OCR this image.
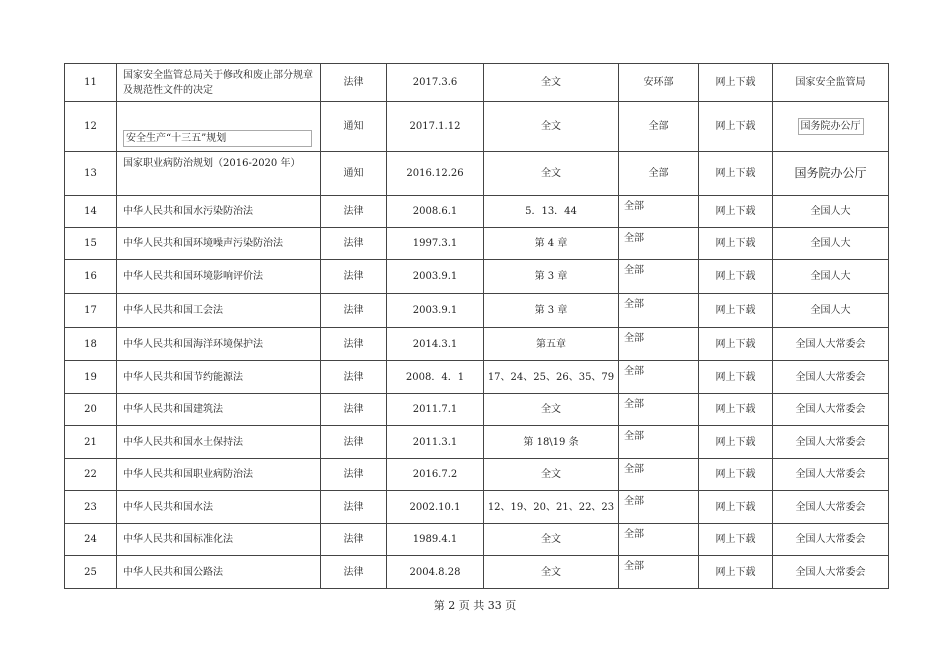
11	国家安全监管总局关于修改和废止部分规章及规范性文件的决定	法律	2017.3.6	全文	安环部	网上下载	国家安全监管局
12	安全生产“十三五”规划	通知	2017.1.12	全文	全部	网上下载	国务院办公厅
13	国家职业病防治规划（2016-2020 年）	通知	2016.12.26	全文	全部	网上下载	国务院办公厅
14	中华人民共和国水污染防治法	法律	2008.6.1	5．13．44	全部	网上下载	全国人大
15	中华人民共和国环境噪声污染防治法	法律	1997.3.1	第 4 章	全部	网上下载	全国人大
16	中华人民共和国环境影响评价法	法律	2003.9.1	第 3 章	全部	网上下载	全国人大
17	中华人民共和国工会法	法律	2003.9.1	第 3 章	全部	网上下载	全国人大
18	中华人民共和国海洋环境保护法	法律	2014.3.1	第五章	全部	网上下载	全国人大常委会
19	中华人民共和国节约能源法	法律	2008．4．1	17、24、25、26、35、79	全部	网上下载	全国人大常委会
20	中华人民共和国建筑法	法律	2011.7.1	全文	全部	网上下载	全国人大常委会
21	中华人民共和国水土保持法	法律	2011.3.1	第 18\19 条	全部	网上下载	全国人大常委会
22	中华人民共和国职业病防治法	法律	2016.7.2	全文	全部	网上下载	全国人大常委会
23	中华人民共和国水法	法律	2002.10.1	12、19、20、21、22、23	全部	网上下载	全国人大常委会
24	中华人民共和国标准化法	法律	1989.4.1	全文	全部	网上下载	全国人大常委会
25	中华人民共和国公路法	法律	2004.8.28	全文	全部	网上下载	全国人大常委会
第 2 页 共 33 页
